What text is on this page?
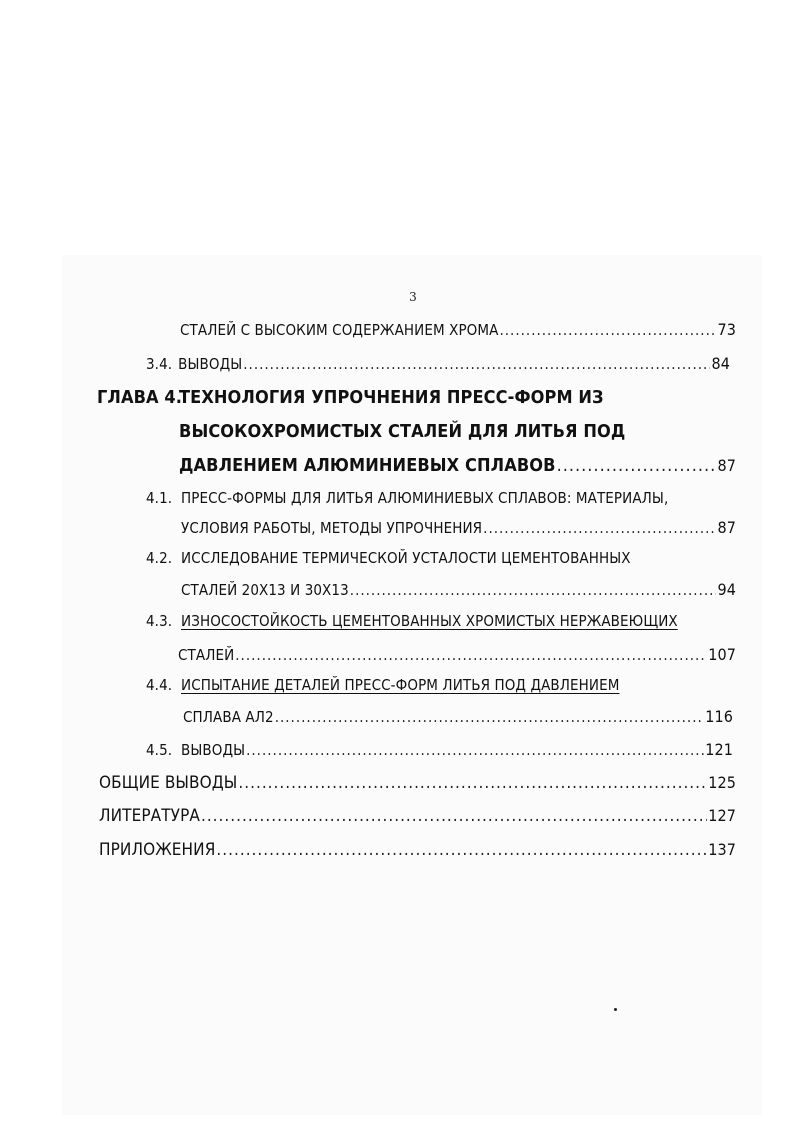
3
СТАЛЕЙ С ВЫСОКИМ СОДЕРЖАНИЕМ ХРОМА .....	73
3.4. ВЫВОДЫ .....	84
ГЛАВА 4.
ТЕХНОЛОГИЯ УПРОЧНЕНИЯ ПРЕСС-ФОРМ ИЗ
ВЫСОКОХРОМИСТЫХ СТАЛЕЙ ДЛЯ ЛИТЬЯ ПОД
ДАВЛЕНИЕМ АЛЮМИНИЕВЫХ СПЛАВОВ .....	87
4.1. ПРЕСС-ФОРМЫ ДЛЯ ЛИТЬЯ АЛЮМИНИЕВЫХ СПЛАВОВ: МАТЕРИАЛЫ,
УСЛОВИЯ РАБОТЫ, МЕТОДЫ УПРОЧНЕНИЯ .....	87
4.2. ИССЛЕДОВАНИЕ ТЕРМИЧЕСКОЙ УСТАЛОСТИ ЦЕМЕНТОВАННЫХ
СТАЛЕЙ 20Х13 И 30Х13 .....	94
4.3. ИЗНОСОСТОЙКОСТЬ ЦЕМЕНТОВАННЫХ ХРОМИСТЫХ НЕРЖАВЕЮЩИХ
СТАЛЕЙ .....	107
4.4. ИСПЫТАНИЕ ДЕТАЛЕЙ ПРЕСС-ФОРМ ЛИТЬЯ ПОД ДАВЛЕНИЕМ
СПЛАВА АЛ2 .....	116
4.5. ВЫВОДЫ .....	121
ОБЩИЕ ВЫВОДЫ .....	125
ЛИТЕРАТУРА .....	127
ПРИЛОЖЕНИЯ .....	137
